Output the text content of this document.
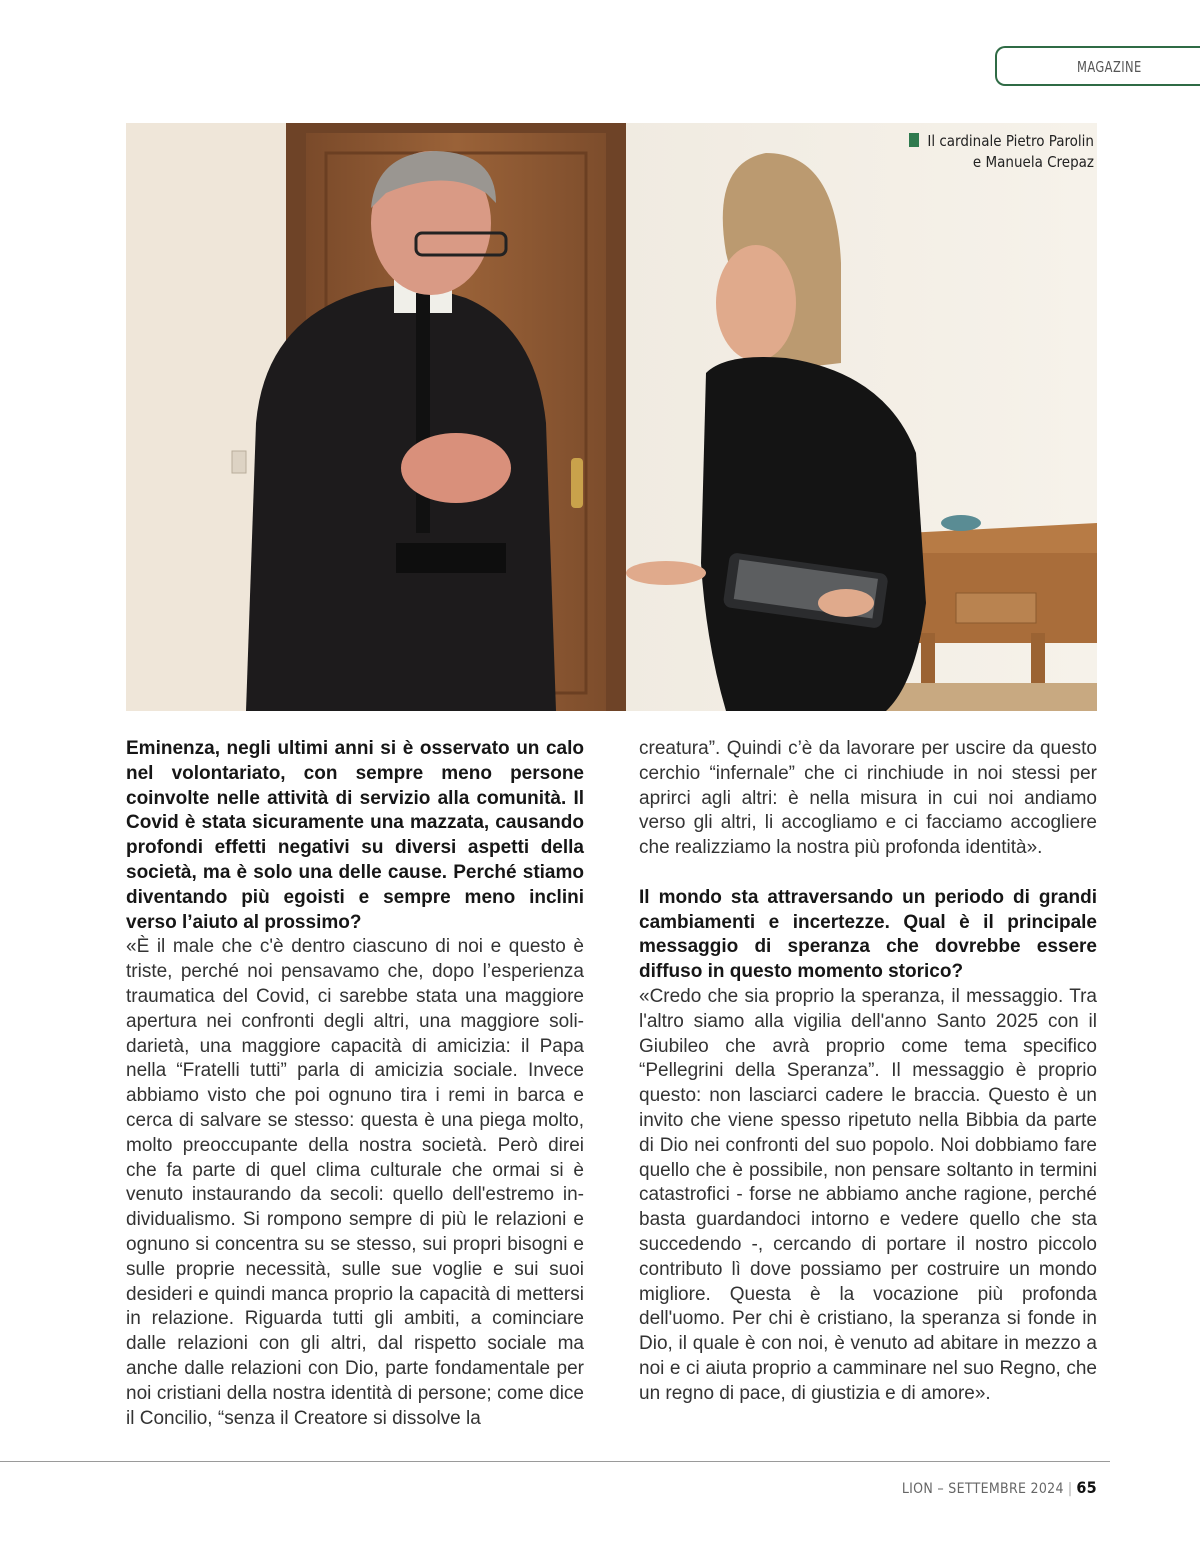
MAGAZINE
Il cardinale Pietro Parolin
e Manuela Crepaz

Eminenza, negli ultimi anni si è osservato un calo nel volontariato, con sempre meno persone coinvolte nelle attività di servizio alla comunità. Il Covid è stata sicuramente una mazzata, causando profondi effetti negativi su diversi aspetti della società, ma è solo una delle cause. Perché stiamo diventando più egoisti e sempre meno inclini verso l’aiuto al prossimo?

«È il male che c'è dentro ciascuno di noi e questo è triste, perché noi pensavamo che, dopo l’esperienza traumatica del Covid, ci sarebbe stata una maggiore apertura nei confronti degli altri, una maggiore solidarietà, una maggiore capacità di amicizia: il Papa nella “Fratelli tutti” parla di amicizia sociale. Invece abbiamo visto che poi ognuno tira i remi in barca e cerca di salvare se stesso: questa è una piega molto, molto preoccupante della nostra società. Però direi che fa parte di quel clima culturale che ormai si è venuto instaurando da secoli: quello dell'estremo individualismo. Si rompono sempre di più le relazioni e ognuno si concentra su se stesso, sui propri bisogni e sulle proprie necessità, sulle sue voglie e sui suoi desideri e quindi manca proprio la capacità di mettersi in relazione. Riguarda tutti gli ambiti, a cominciare dalle relazioni con gli altri, dal rispetto sociale ma anche dalle relazioni con Dio, parte fondamentale per noi cristiani della nostra identità di persone; come dice il Concilio, “senza il Creatore si dissolve la

creatura”. Quindi c’è da lavorare per uscire da questo cerchio “infernale” che ci rinchiude in noi stessi per aprirci agli altri: è nella misura in cui noi andiamo verso gli altri, li accogliamo e ci facciamo accogliere che realizziamo la nostra più profonda identità».

Il mondo sta attraversando un periodo di grandi cambiamenti e incertezze. Qual è il principale messaggio di speranza che dovrebbe essere diffuso in questo momento storico?

«Credo che sia proprio la speranza, il messaggio. Tra l'altro siamo alla vigilia dell'anno Santo 2025 con il Giubileo che avrà proprio come tema specifico “Pellegrini della Speranza”. Il messaggio è proprio questo: non lasciarci cadere le braccia. Questo è un invito che viene spesso ripetuto nella Bibbia da parte di Dio nei confronti del suo popolo. Noi dobbiamo fare quello che è possibile, non pensare soltanto in termini catastrofici - forse ne abbiamo anche ragione, perché basta guardandoci intorno e vedere quello che sta succedendo -, cercando di portare il nostro piccolo contributo lì dove possiamo per costruire un mondo migliore. Questa è la vocazione più profonda dell'uomo. Per chi è cristiano, la speranza si fonde in Dio, il quale è con noi, è venuto ad abitare in mezzo a noi e ci aiuta proprio a camminare nel suo Regno, che un regno di pace, di giustizia e di amore».

LION – SETTEMBRE 2024 | 65
